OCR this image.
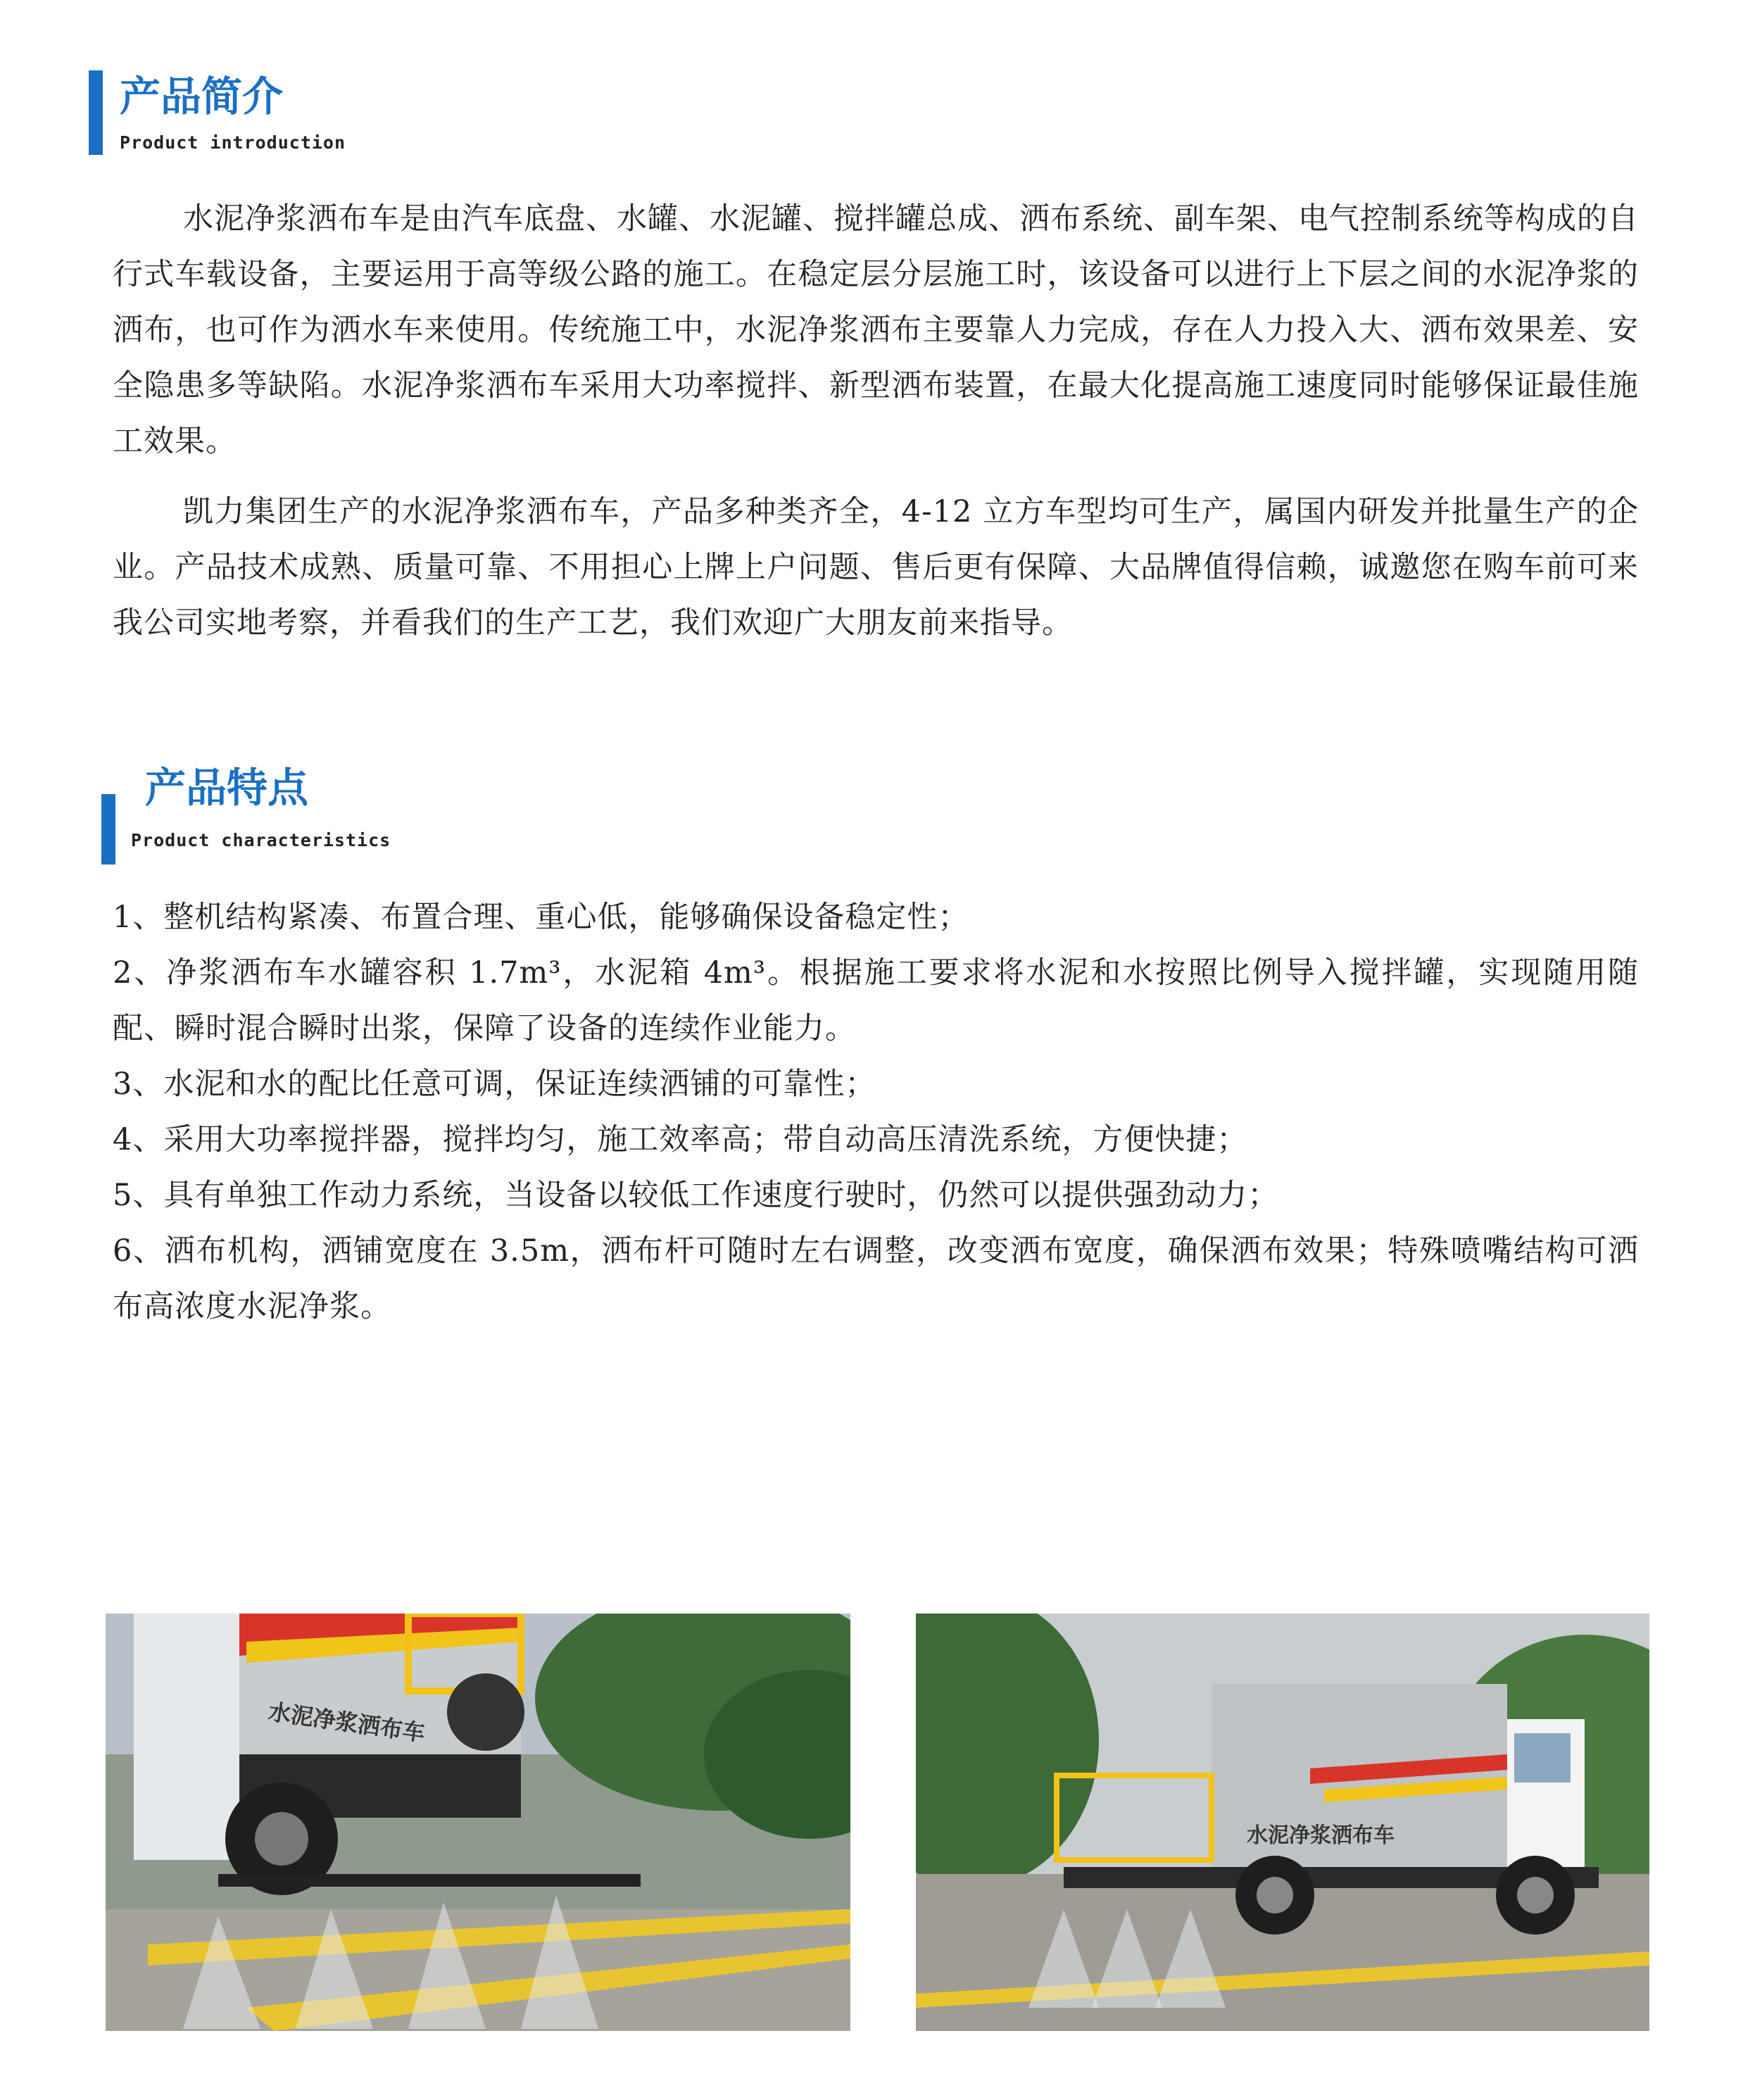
产品简介
Product introduction

水泥净浆洒布车是由汽车底盘、水罐、水泥罐、搅拌罐总成、洒布系统、副车架、电气控制系统等构成的自行式车载设备，主要运用于高等级公路的施工。在稳定层分层施工时，该设备可以进行上下层之间的水泥净浆的洒布，也可作为洒水车来使用。传统施工中，水泥净浆洒布主要靠人力完成，存在人力投入大、洒布效果差、安全隐患多等缺陷。水泥净浆洒布车采用大功率搅拌、新型洒布装置，在最大化提高施工速度同时能够保证最佳施工效果。

凯力集团生产的水泥净浆洒布车，产品多种类齐全，4-12 立方车型均可生产，属国内研发并批量生产的企业。产品技术成熟、质量可靠、不用担心上牌上户问题、售后更有保障、大品牌值得信赖，诚邀您在购车前可来我公司实地考察，并看我们的生产工艺，我们欢迎广大朋友前来指导。

产品特点
Product characteristics
1、整机结构紧凑、布置合理、重心低，能够确保设备稳定性；
2、净浆洒布车水罐容积 1.7m³，水泥箱 4m³。根据施工要求将水泥和水按照比例导入搅拌罐，实现随用随配、瞬时混合瞬时出浆，保障了设备的连续作业能力。
3、水泥和水的配比任意可调，保证连续洒铺的可靠性；
4、采用大功率搅拌器，搅拌均匀，施工效率高；带自动高压清洗系统，方便快捷；
5、具有单独工作动力系统，当设备以较低工作速度行驶时，仍然可以提供强劲动力；
6、洒布机构，洒铺宽度在 3.5m，洒布杆可随时左右调整，改变洒布宽度，确保洒布效果；特殊喷嘴结构可洒布高浓度水泥净浆。
水泥净浆洒布车
水泥净浆洒布车
